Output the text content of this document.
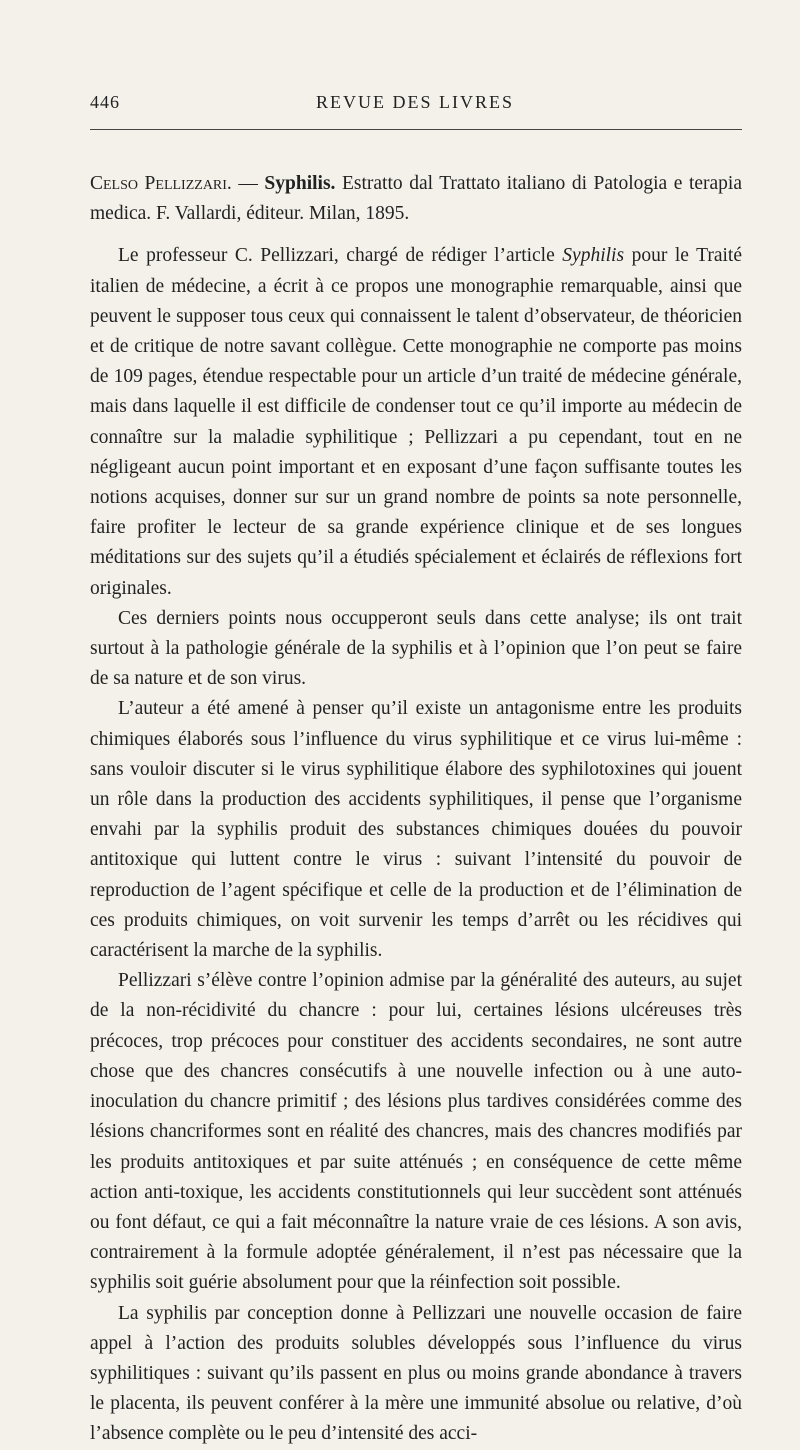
446	REVUE DES LIVRES

Celso Pellizzari. — Syphilis. Estratto dal Trattato italiano di Patologia e terapia medica. F. Vallardi, éditeur. Milan, 1895.

Le professeur C. Pellizzari, chargé de rédiger l’article Syphilis pour le Traité italien de médecine, a écrit à ce propos une monographie remarquable, ainsi que peuvent le supposer tous ceux qui connaissent le talent d’observateur, de théoricien et de critique de notre savant collègue. Cette monographie ne comporte pas moins de 109 pages, étendue respectable pour un article d’un traité de médecine générale, mais dans laquelle il est difficile de condenser tout ce qu’il importe au médecin de connaître sur la maladie syphilitique ; Pellizzari a pu cependant, tout en ne négligeant aucun point important et en exposant d’une façon suffisante toutes les notions acquises, donner sur sur un grand nombre de points sa note personnelle, faire profiter le lecteur de sa grande expérience clinique et de ses longues méditations sur des sujets qu’il a étudiés spécialement et éclairés de réflexions fort originales.

Ces derniers points nous occupperont seuls dans cette analyse; ils ont trait surtout à la pathologie générale de la syphilis et à l’opinion que l’on peut se faire de sa nature et de son virus.

L’auteur a été amené à penser qu’il existe un antagonisme entre les produits chimiques élaborés sous l’influence du virus syphilitique et ce virus lui-même : sans vouloir discuter si le virus syphilitique élabore des syphilotoxines qui jouent un rôle dans la production des accidents syphilitiques, il pense que l’organisme envahi par la syphilis produit des substances chimiques douées du pouvoir antitoxique qui luttent contre le virus : suivant l’intensité du pouvoir de reproduction de l’agent spécifique et celle de la production et de l’élimination de ces produits chimiques, on voit survenir les temps d’arrêt ou les récidives qui caractérisent la marche de la syphilis.

Pellizzari s’élève contre l’opinion admise par la généralité des auteurs, au sujet de la non-récidivité du chancre : pour lui, certaines lésions ulcéreuses très précoces, trop précoces pour constituer des accidents secondaires, ne sont autre chose que des chancres consécutifs à une nouvelle infection ou à une auto-inoculation du chancre primitif ; des lésions plus tardives considérées comme des lésions chancriformes sont en réalité des chancres, mais des chancres modifiés par les produits antitoxiques et par suite atténués ; en conséquence de cette même action anti-toxique, les accidents constitutionnels qui leur succèdent sont atténués ou font défaut, ce qui a fait méconnaître la nature vraie de ces lésions. A son avis, contrairement à la formule adoptée généralement, il n’est pas nécessaire que la syphilis soit guérie absolument pour que la réinfection soit possible.

La syphilis par conception donne à Pellizzari une nouvelle occasion de faire appel à l’action des produits solubles développés sous l’influence du virus syphilitiques : suivant qu’ils passent en plus ou moins grande abondance à travers le placenta, ils peuvent conférer à la mère une immunité absolue ou relative, d’où l’absence complète ou le peu d’intensité des acci-
